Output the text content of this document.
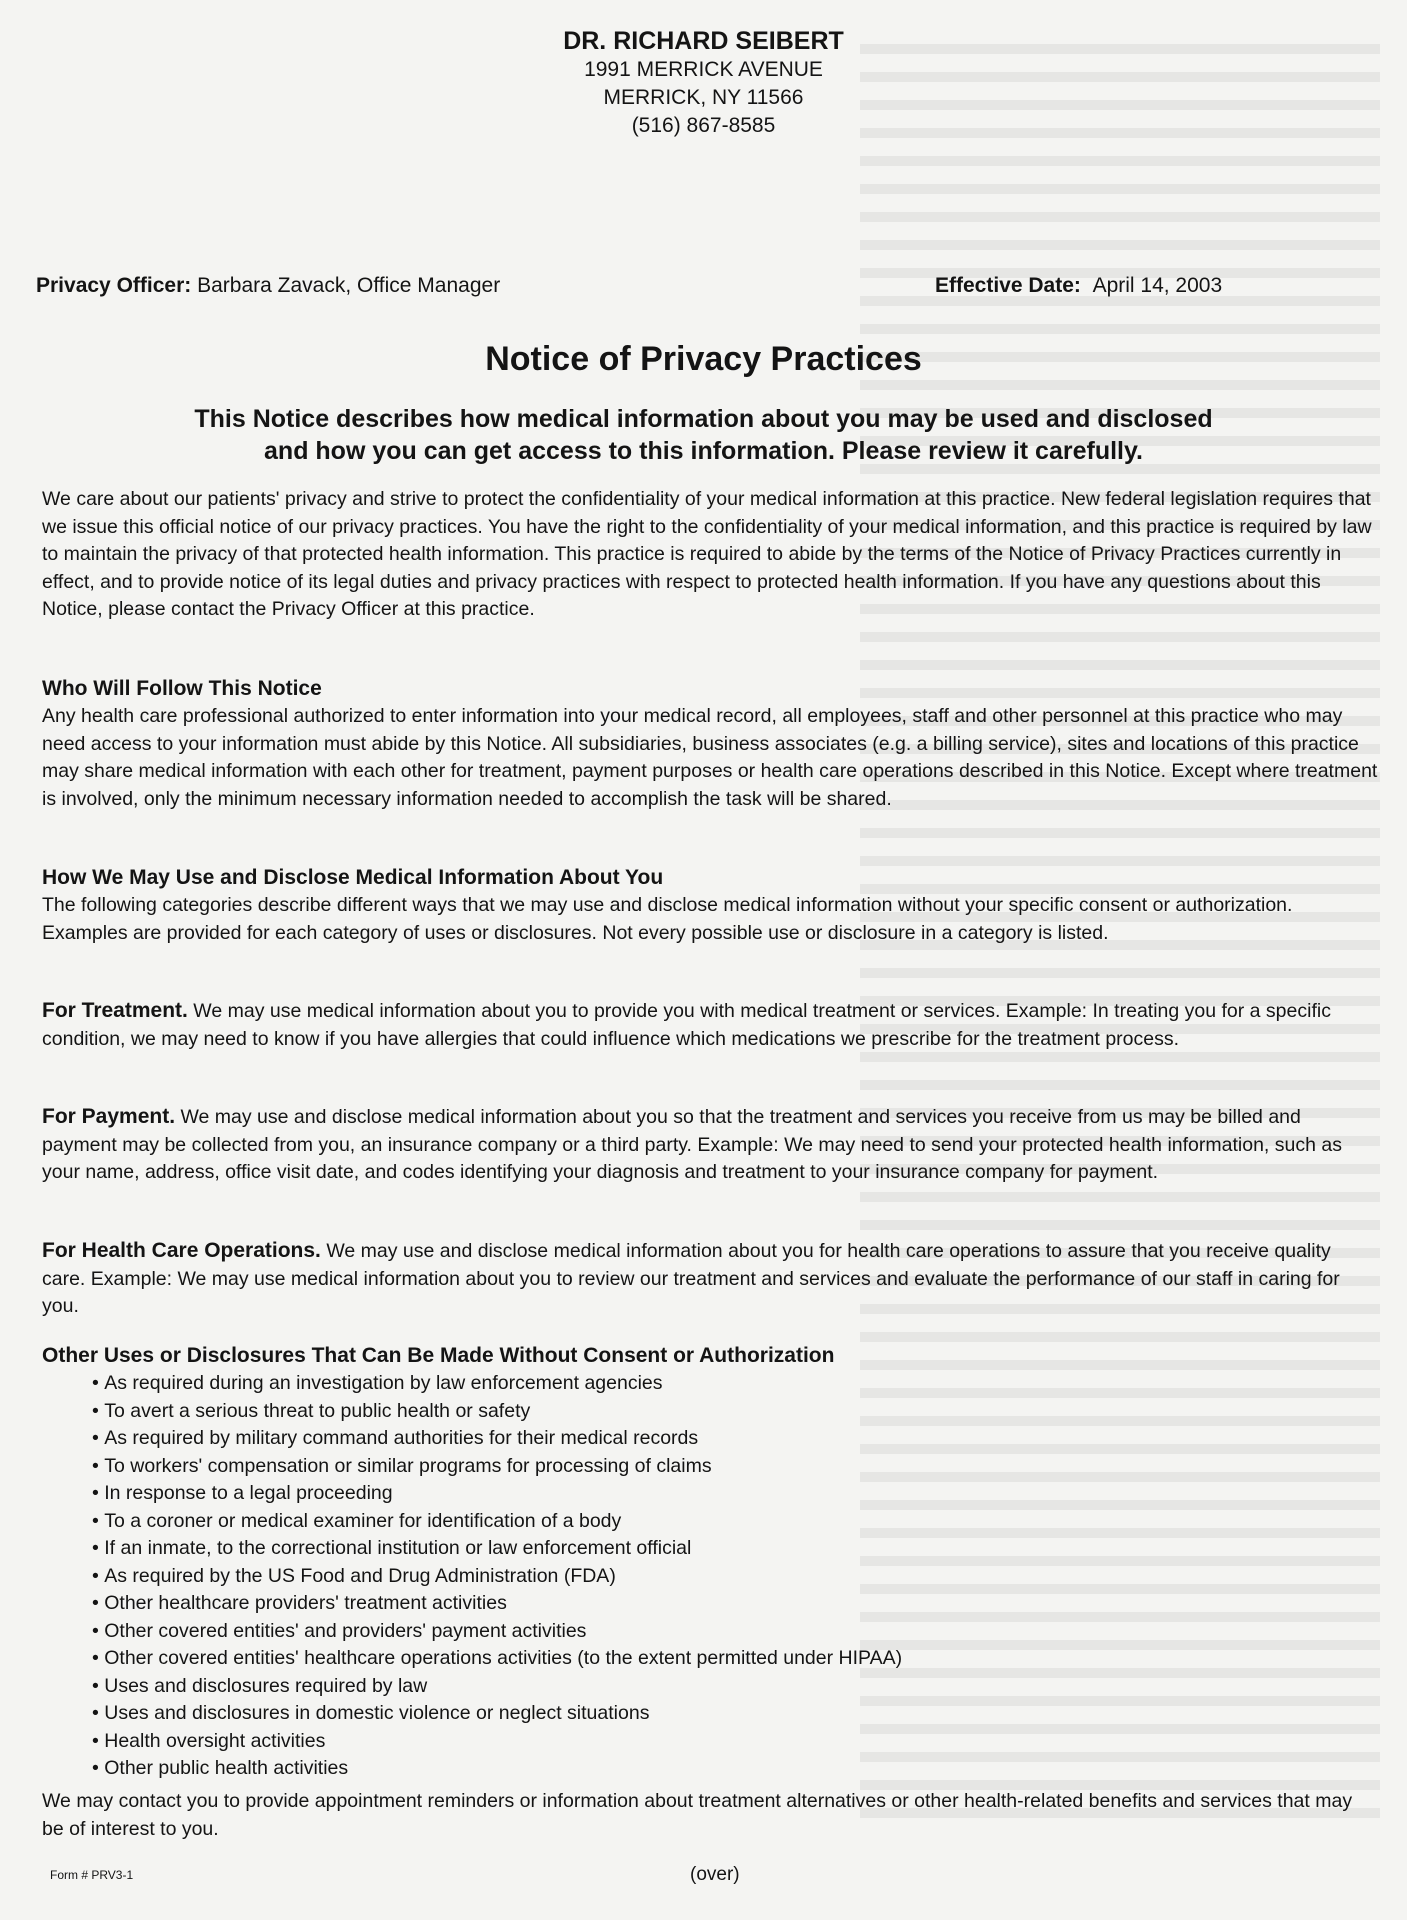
DR. RICHARD SEIBERT
1991 MERRICK AVENUE
MERRICK, NY 11566
(516) 867-8585
Privacy Officer: Barbara Zavack, Office Manager	Effective Date: April 14, 2003
Notice of Privacy Practices
This Notice describes how medical information about you may be used and disclosed
and how you can get access to this information. Please review it carefully.

We care about our patients' privacy and strive to protect the confidentiality of your medical information at this practice. New federal legislation requires that we issue this official notice of our privacy practices. You have the right to the confidentiality of your medical information, and this practice is required by law to maintain the privacy of that protected health information. This practice is required to abide by the terms of the Notice of Privacy Practices currently in effect, and to provide notice of its legal duties and privacy practices with respect to protected health information. If you have any questions about this Notice, please contact the Privacy Officer at this practice.

Who Will Follow This Notice

Any health care professional authorized to enter information into your medical record, all employees, staff and other personnel at this practice who may need access to your information must abide by this Notice. All subsidiaries, business associates (e.g. a billing service), sites and locations of this practice may share medical information with each other for treatment, payment purposes or health care operations described in this Notice. Except where treatment is involved, only the minimum necessary information needed to accomplish the task will be shared.

How We May Use and Disclose Medical Information About You

The following categories describe different ways that we may use and disclose medical information without your specific consent or authorization. Examples are provided for each category of uses or disclosures. Not every possible use or disclosure in a category is listed.

For Treatment. We may use medical information about you to provide you with medical treatment or services. Example: In treating you for a specific condition, we may need to know if you have allergies that could influence which medications we prescribe for the treatment process.

For Payment. We may use and disclose medical information about you so that the treatment and services you receive from us may be billed and payment may be collected from you, an insurance company or a third party. Example: We may need to send your protected health information, such as your name, address, office visit date, and codes identifying your diagnosis and treatment to your insurance company for payment.

For Health Care Operations. We may use and disclose medical information about you for health care operations to assure that you receive quality care. Example: We may use medical information about you to review our treatment and services and evaluate the performance of our staff in caring for you.

Other Uses or Disclosures That Can Be Made Without Consent or Authorization
• As required during an investigation by law enforcement agencies
• To avert a serious threat to public health or safety
• As required by military command authorities for their medical records
• To workers' compensation or similar programs for processing of claims
• In response to a legal proceeding
• To a coroner or medical examiner for identification of a body
• If an inmate, to the correctional institution or law enforcement official
• As required by the US Food and Drug Administration (FDA)
• Other healthcare providers' treatment activities
• Other covered entities' and providers' payment activities
• Other covered entities' healthcare operations activities (to the extent permitted under HIPAA)
• Uses and disclosures required by law
• Uses and disclosures in domestic violence or neglect situations
• Health oversight activities
• Other public health activities

We may contact you to provide appointment reminders or information about treatment alternatives or other health-related benefits and services that may be of interest to you.

Form # PRV3-1	(over)
